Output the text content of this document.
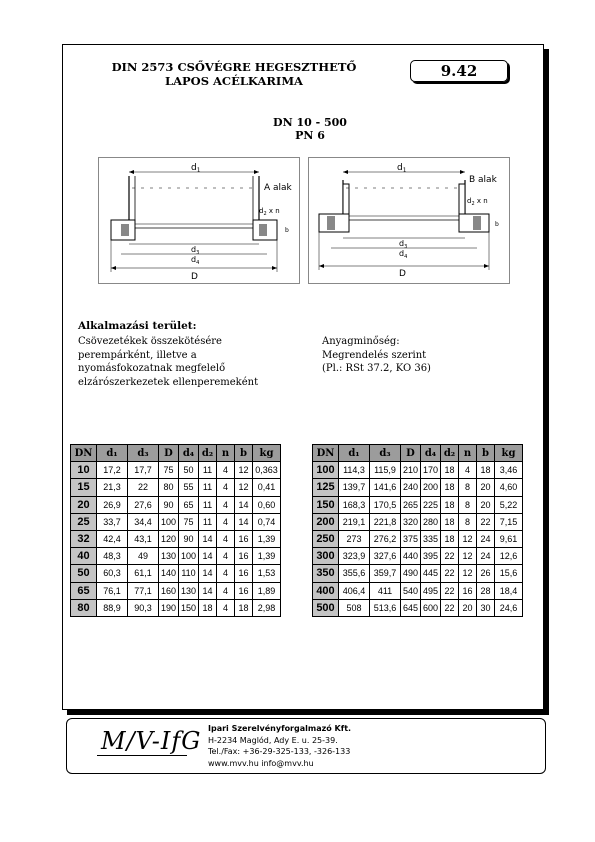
DIN 2573 CSŐVÉGRE HEGESZTHETŐ
LAPOS ACÉLKARIMA
9.42
DN 10 - 500
PN 6
$d_1$
$d_3$
$d_4$
D
A alak
$d_2$ x n
b
$d_1$
$d_3$
$d_4$
D
B alak
$d_2$ x n
b
Alkalmazási terület:
Csövezetékek összekötésére
perempárként, illetve a
nyomásfokozatnak megfelelő
elzárószerkezetek ellenperemeként
Anyagminőség:
Megrendelés szerint
(Pl.: RSt 37.2, KO 36)
DN	d₁	d₃	D	d₄	d₂	n	b	kg
10	17,2	17,7	75	50	11	4	12	0,363
15	21,3	22	80	55	11	4	12	0,41
20	26,9	27,6	90	65	11	4	14	0,60
25	33,7	34,4	100	75	11	4	14	0,74
32	42,4	43,1	120	90	14	4	16	1,39
40	48,3	49	130	100	14	4	16	1,39
50	60,3	61,1	140	110	14	4	16	1,53
65	76,1	77,1	160	130	14	4	16	1,89
80	88,9	90,3	190	150	18	4	18	2,98
DN	d₁	d₃	D	d₄	d₂	n	b	kg
100	114,3	115,9	210	170	18	4	18	3,46
125	139,7	141,6	240	200	18	8	20	4,60
150	168,3	170,5	265	225	18	8	20	5,22
200	219,1	221,8	320	280	18	8	22	7,15
250	273	276,2	375	335	18	12	24	9,61
300	323,9	327,6	440	395	22	12	24	12,6
350	355,6	359,7	490	445	22	12	26	15,6
400	406,4	411	540	495	22	16	28	18,4
500	508	513,6	645	600	22	20	30	24,6
M/V-IfG Ipari Szerelvényforgalmazó Kft.
H-2234 Maglód, Ady E. u. 25-39.
Tel./Fax: +36-29-325-133, -326-133
www.mvv.hu info@mvv.hu
